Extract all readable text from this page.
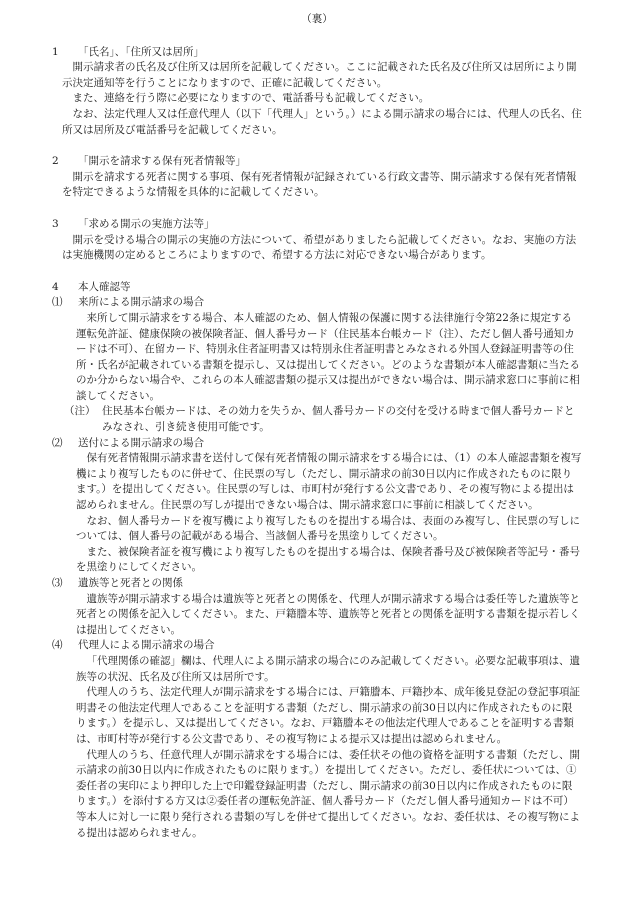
（裏）
1	「氏名」、「住所又は居所」

開示請求者の氏名及び住所又は居所を記載してください。ここに記載された氏名及び住所又は居所により開示決定通知等を行うことになりますので、正確に記載してください。

また、連絡を行う際に必要になりますので、電話番号も記載してください。

なお、法定代理人又は任意代理人（以下「代理人」という。）による開示請求の場合には、代理人の氏名、住所又は居所及び電話番号を記載してください。

2	「開示を請求する保有死者情報等」

開示を請求する死者に関する事項、保有死者情報が記録されている行政文書等、開示請求する保有死者情報を特定できるような情報を具体的に記載してください。

3	「求める開示の実施方法等」

開示を受ける場合の開示の実施の方法について、希望がありましたら記載してください。なお、実施の方法は実施機関の定めるところによりますので、希望する方法に対応できない場合があります。

4	本人確認等
⑴	来所による開示請求の場合

来所して開示請求をする場合、本人確認のため、個人情報の保護に関する法律施行令第22条に規定する運転免許証、健康保険の被保険者証、個人番号カード（住民基本台帳カード（注）、ただし個人番号通知カードは不可）、在留カード、特別永住者証明書又は特別永住者証明書とみなされる外国人登録証明書等の住所・氏名が記載されている書類を提示し、又は提出してください。どのような書類が本人確認書類に当たるのか分からない場合や、これらの本人確認書類の提示又は提出ができない場合は、開示請求窓口に事前に相談してください。

（注） 住民基本台帳カードは、その効力を失うか、個人番号カードの交付を受ける時まで個人番号カードとみなされ、引き続き使用可能です。
⑵	送付による開示請求の場合

保有死者情報開示請求書を送付して保有死者情報の開示請求をする場合には、（1）の本人確認書類を複写機により複写したものに併せて、住民票の写し（ただし、開示請求の前30日以内に作成されたものに限ります。）を提出してください。住民票の写しは、市町村が発行する公文書であり、その複写物による提出は認められません。住民票の写しが提出できない場合は、開示請求窓口に事前に相談してください。

なお、個人番号カードを複写機により複写したものを提出する場合は、表面のみ複写し、住民票の写しについては、個人番号の記載がある場合、当該個人番号を黒塗りしてください。

また、被保険者証を複写機により複写したものを提出する場合は、保険者番号及び被保険者等記号・番号を黒塗りにしてください。

⑶	遺族等と死者との関係

遺族等が開示請求する場合は遺族等と死者との関係を、代理人が開示請求する場合は委任等した遺族等と死者との関係を記入してください。また、戸籍謄本等、遺族等と死者との関係を証明する書類を提示若しくは提出してください。

⑷	代理人による開示請求の場合

「代理関係の確認」欄は、代理人による開示請求の場合にのみ記載してください。必要な記載事項は、遺族等の状況、氏名及び住所又は居所です。

代理人のうち、法定代理人が開示請求をする場合には、戸籍謄本、戸籍抄本、成年後見登記の登記事項証明書その他法定代理人であることを証明する書類（ただし、開示請求の前30日以内に作成されたものに限ります。）を提示し、又は提出してください。なお、戸籍謄本その他法定代理人であることを証明する書類は、市町村等が発行する公文書であり、その複写物による提示又は提出は認められません。

代理人のうち、任意代理人が開示請求をする場合には、委任状その他の資格を証明する書類（ただし、開示請求の前30日以内に作成されたものに限ります。）を提出してください。ただし、委任状については、①委任者の実印により押印した上で印鑑登録証明書（ただし、開示請求の前30日以内に作成されたものに限ります。）を添付する方又は②委任者の運転免許証、個人番号カード（ただし個人番号通知カードは不可）等本人に対し一に限り発行される書類の写しを併せて提出してください。なお、委任状は、その複写物による提出は認められません。
